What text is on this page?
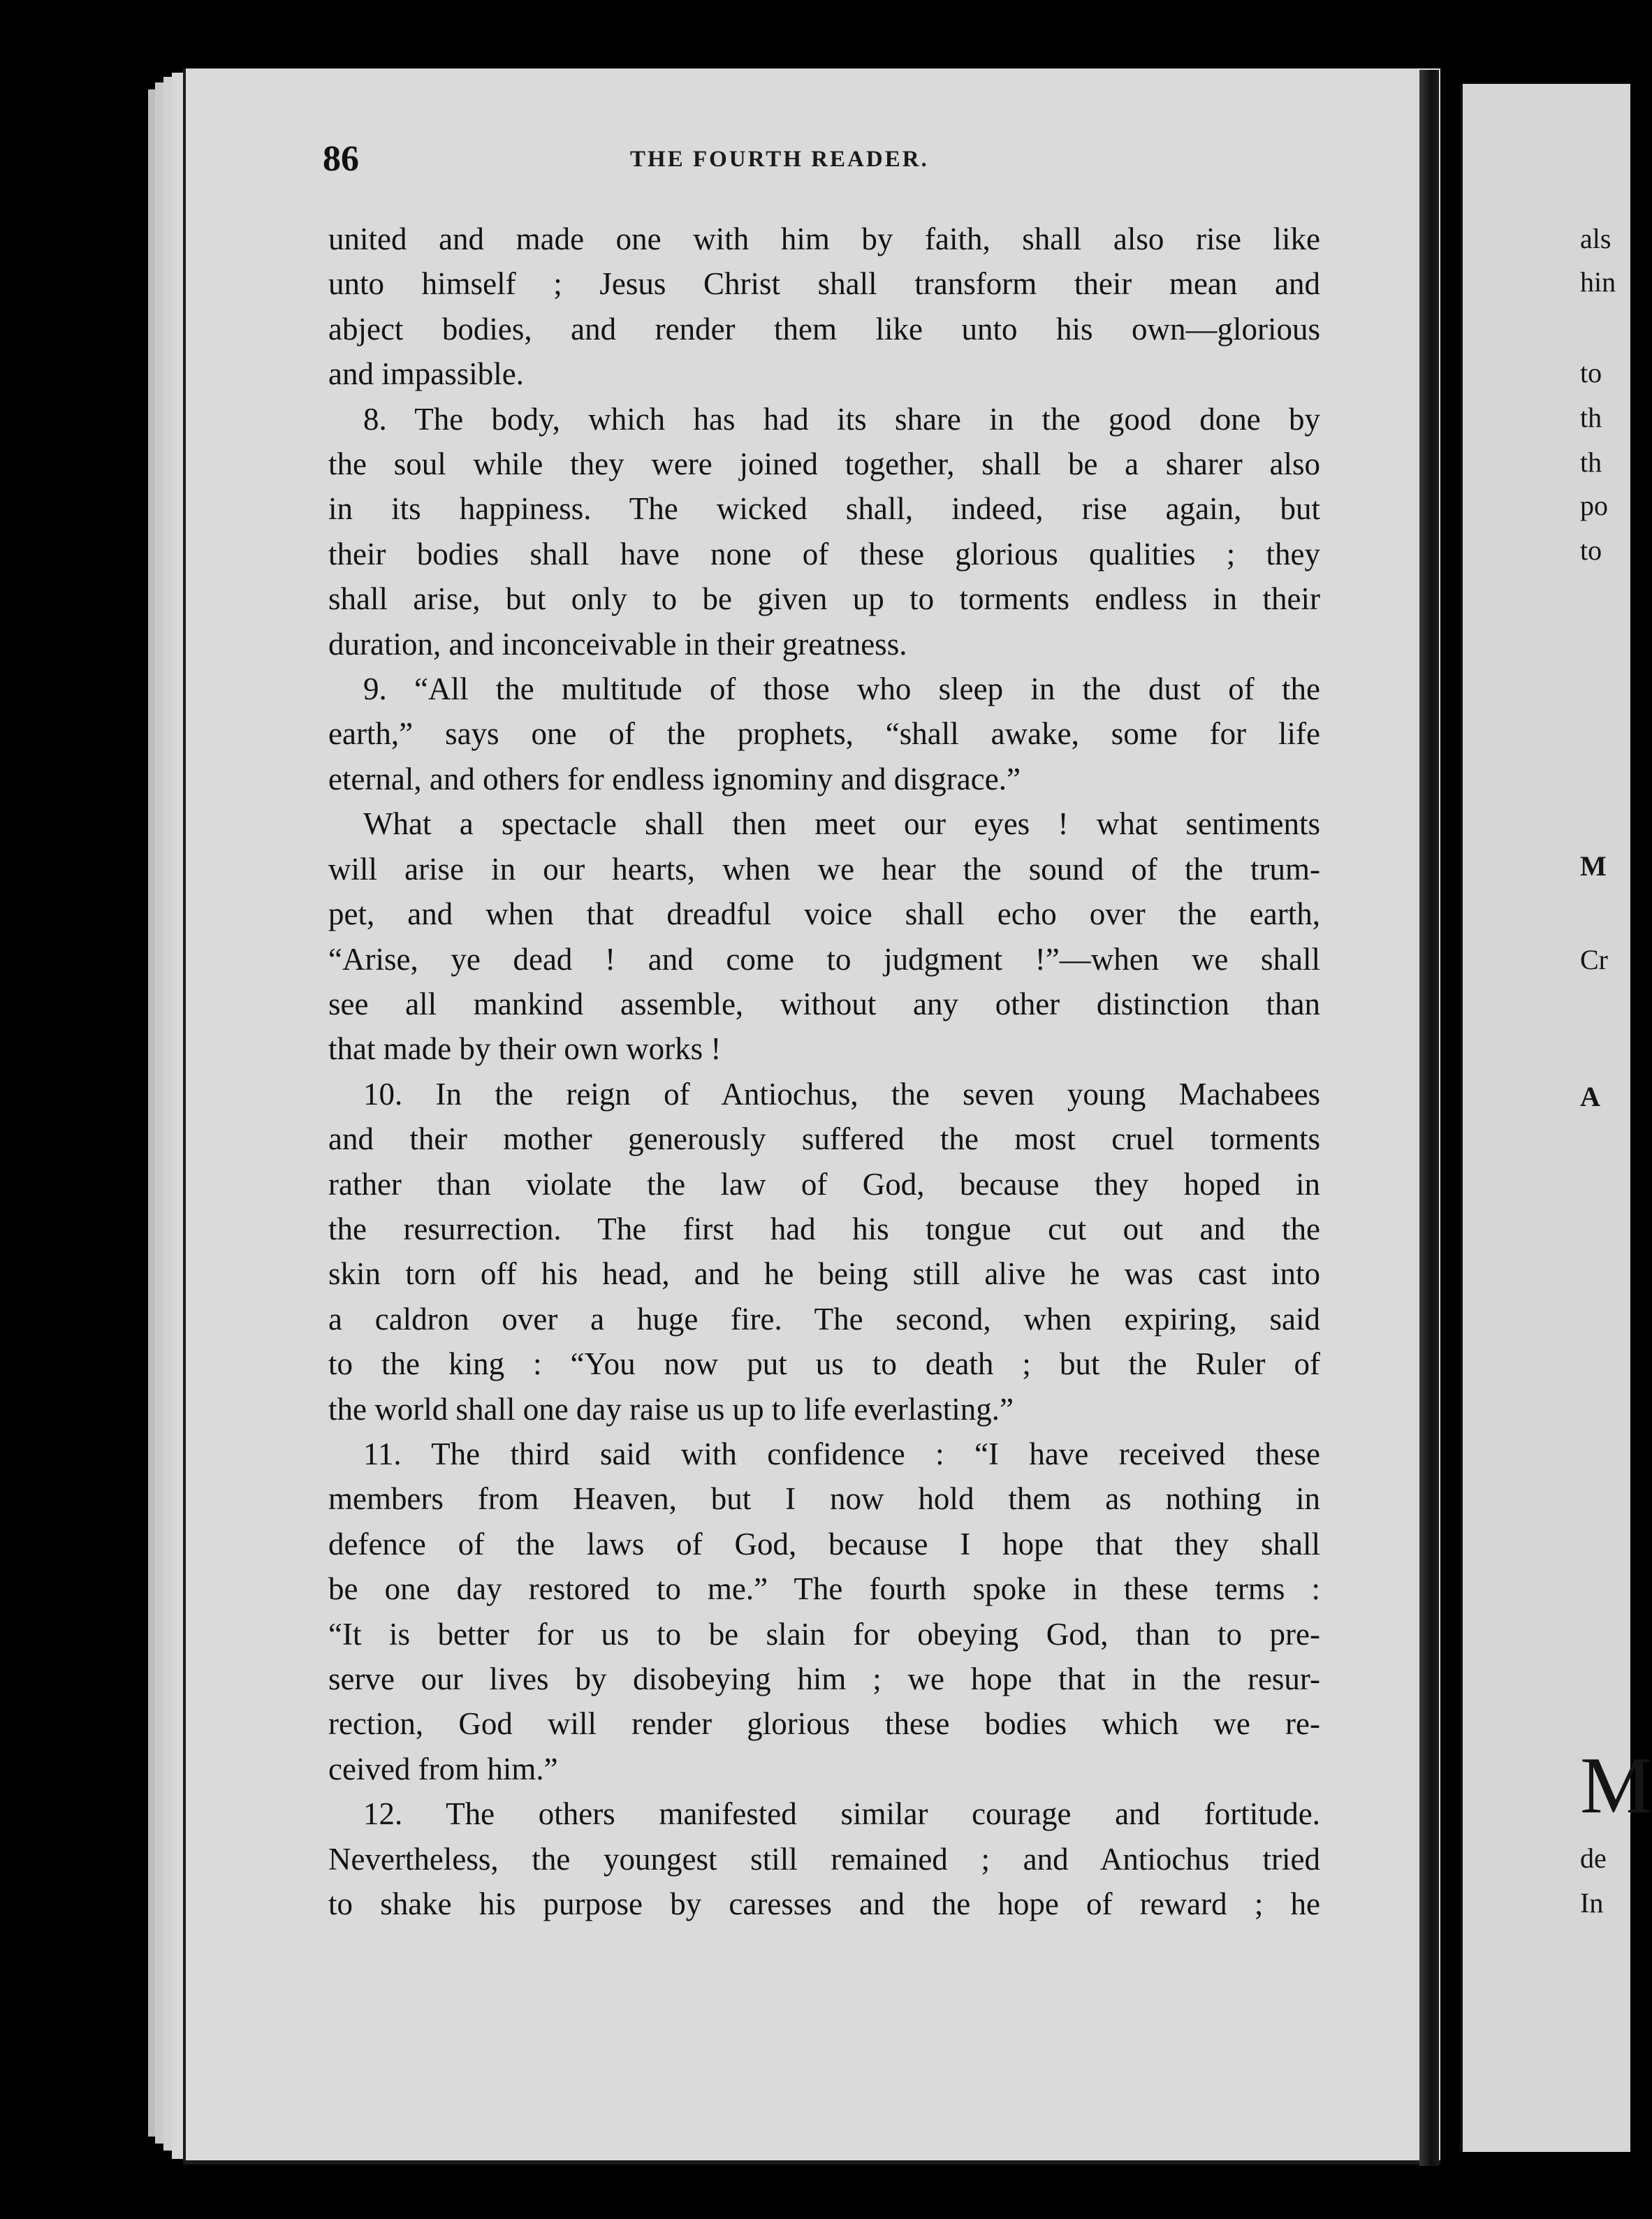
86	THE FOURTH READER.
united and made one with him by faith, shall also rise like
unto himself ; Jesus Christ shall transform their mean and
abject bodies, and render them like unto his own—glorious
and impassible.
8. The body, which has had its share in the good done by
the soul while they were joined together, shall be a sharer also
in its happiness. The wicked shall, indeed, rise again, but
their bodies shall have none of these glorious qualities ; they
shall arise, but only to be given up to torments endless in their
duration, and inconceivable in their greatness.
9. “All the multitude of those who sleep in the dust of the
earth,” says one of the prophets, “shall awake, some for life
eternal, and others for endless ignominy and disgrace.”
What a spectacle shall then meet our eyes ! what sentiments
will arise in our hearts, when we hear the sound of the trum-
pet, and when that dreadful voice shall echo over the earth,
“Arise, ye dead ! and come to judgment !”—when we shall
see all mankind assemble, without any other distinction than
that made by their own works !
10. In the reign of Antiochus, the seven young Machabees
and their mother generously suffered the most cruel torments
rather than violate the law of God, because they hoped in
the resurrection. The first had his tongue cut out and the
skin torn off his head, and he being still alive he was cast into
a caldron over a huge fire. The second, when expiring, said
to the king : “You now put us to death ; but the Ruler of
the world shall one day raise us up to life everlasting.”
11. The third said with confidence : “I have received these
members from Heaven, but I now hold them as nothing in
defence of the laws of God, because I hope that they shall
be one day restored to me.” The fourth spoke in these terms :
“It is better for us to be slain for obeying God, than to pre-
serve our lives by disobeying him ; we hope that in the resur-
rection, God will render glorious these bodies which we re-
ceived from him.”
12. The others manifested similar courage and fortitude.
Nevertheless, the youngest still remained ; and Antiochus tried
to shake his purpose by caresses and the hope of reward ; he
als
hin
to
th
th
po
to
M
Cr
A
M
de
In
